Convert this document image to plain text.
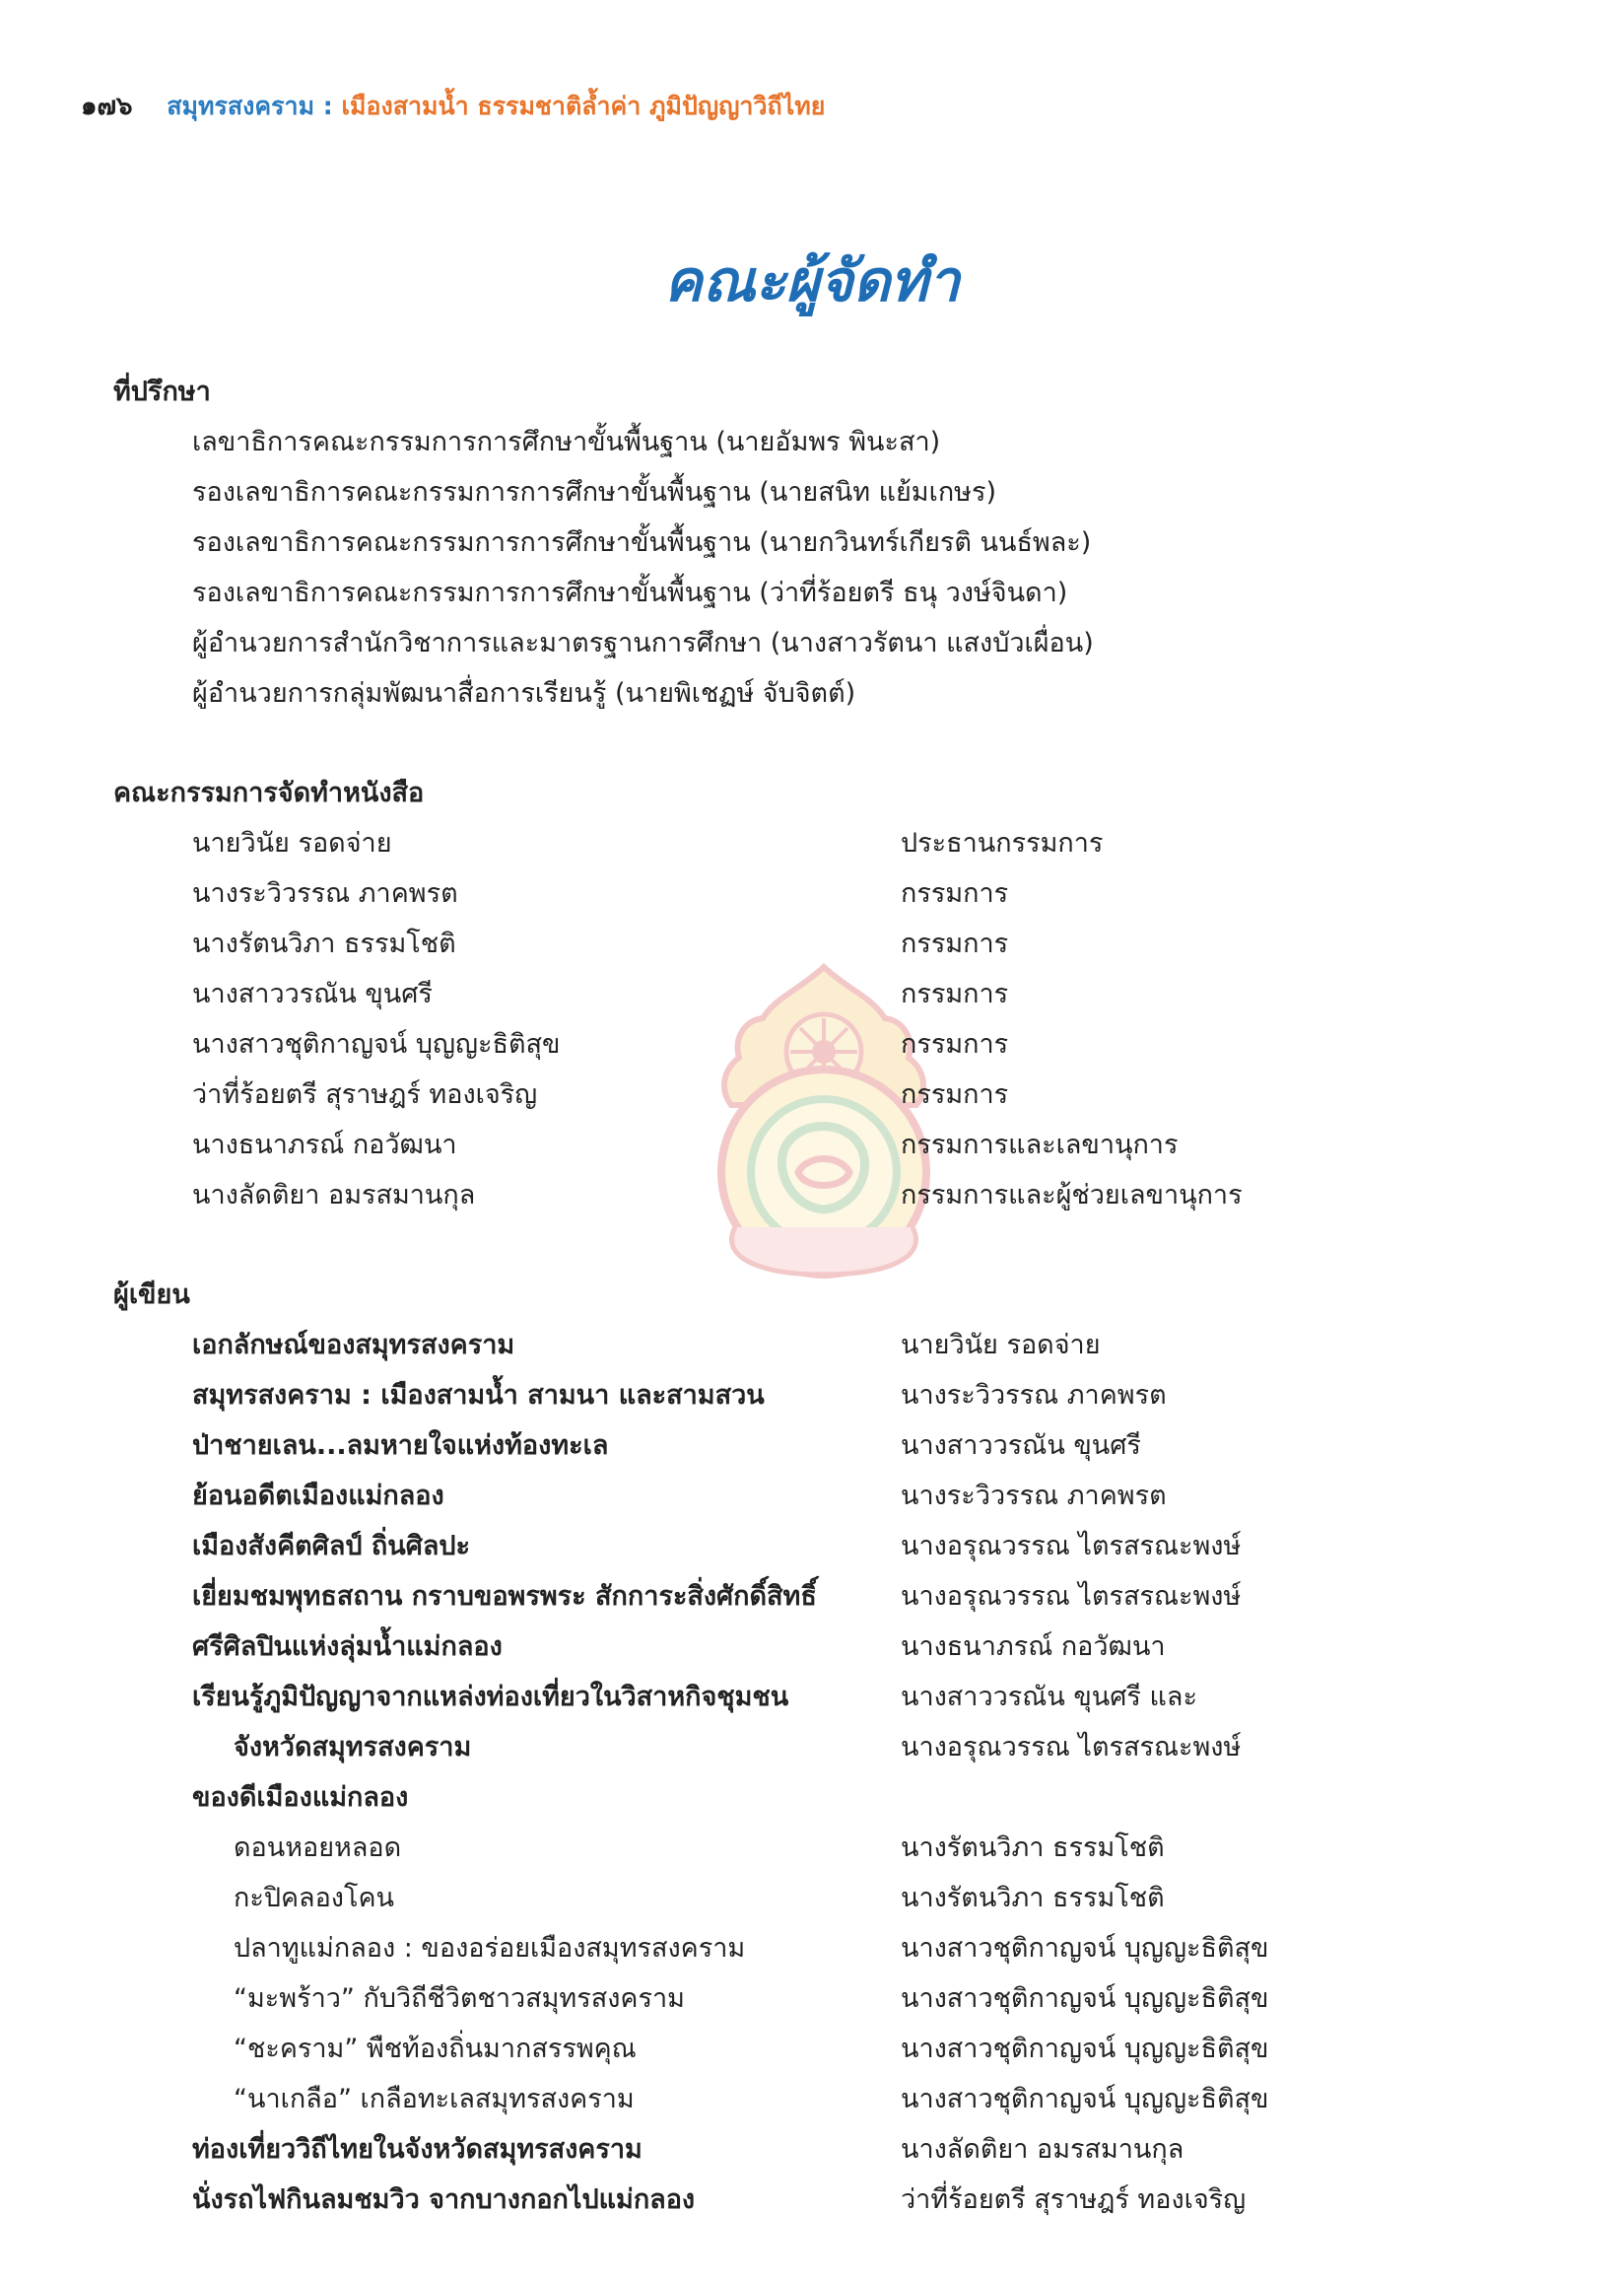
๑๗๖ สมุทรสงคราม : เมืองสามน้ำ ธรรมชาติล้ำค่า ภูมิปัญญาวิถีไทย
คณะผู้จัดทำ
ที่ปรึกษา
เลขาธิการคณะกรรมการการศึกษาขั้นพื้นฐาน (นายอัมพร พินะสา)
รองเลขาธิการคณะกรรมการการศึกษาขั้นพื้นฐาน (นายสนิท แย้มเกษร)
รองเลขาธิการคณะกรรมการการศึกษาขั้นพื้นฐาน (นายกวินทร์เกียรติ นนธ์พละ)
รองเลขาธิการคณะกรรมการการศึกษาขั้นพื้นฐาน (ว่าที่ร้อยตรี ธนุ วงษ์จินดา)
ผู้อำนวยการสำนักวิชาการและมาตรฐานการศึกษา (นางสาวรัตนา แสงบัวเผื่อน)
ผู้อำนวยการกลุ่มพัฒนาสื่อการเรียนรู้ (นายพิเชฏษ์ จับจิตต์)
คณะกรรมการจัดทำหนังสือ
นายวินัย รอดจ่าย	ประธานกรรมการ
นางระวิวรรณ ภาคพรต	กรรมการ
นางรัตนวิภา ธรรมโชติ	กรรมการ
นางสาววรณัน ขุนศรี	กรรมการ
นางสาวชุติกาญจน์ บุญญะธิติสุข	กรรมการ
ว่าที่ร้อยตรี สุราษฎร์ ทองเจริญ	กรรมการ
นางธนาภรณ์ กอวัฒนา	กรรมการและเลขานุการ
นางลัดติยา อมรสมานกุล	กรรมการและผู้ช่วยเลขานุการ
ผู้เขียน
เอกลักษณ์ของสมุทรสงคราม	นายวินัย รอดจ่าย
สมุทรสงคราม : เมืองสามน้ำ สามนา และสามสวน	นางระวิวรรณ ภาคพรต
ป่าชายเลน...ลมหายใจแห่งท้องทะเล	นางสาววรณัน ขุนศรี
ย้อนอดีตเมืองแม่กลอง	นางระวิวรรณ ภาคพรต
เมืองสังคีตศิลป์ ถิ่นศิลปะ	นางอรุณวรรณ ไตรสรณะพงษ์
เยี่ยมชมพุทธสถาน กราบขอพรพระ สักการะสิ่งศักดิ์สิทธิ์	นางอรุณวรรณ ไตรสรณะพงษ์
ศรีศิลปินแห่งลุ่มน้ำแม่กลอง	นางธนาภรณ์ กอวัฒนา
เรียนรู้ภูมิปัญญาจากแหล่งท่องเที่ยวในวิสาหกิจชุมชน	นางสาววรณัน ขุนศรี และ
จังหวัดสมุทรสงคราม	นางอรุณวรรณ ไตรสรณะพงษ์
ของดีเมืองแม่กลอง
ดอนหอยหลอด	นางรัตนวิภา ธรรมโชติ
กะปิคลองโคน	นางรัตนวิภา ธรรมโชติ
ปลาทูแม่กลอง : ของอร่อยเมืองสมุทรสงคราม	นางสาวชุติกาญจน์ บุญญะธิติสุข
“มะพร้าว” กับวิถีชีวิตชาวสมุทรสงคราม	นางสาวชุติกาญจน์ บุญญะธิติสุข
“ชะคราม” พืชท้องถิ่นมากสรรพคุณ	นางสาวชุติกาญจน์ บุญญะธิติสุข
“นาเกลือ” เกลือทะเลสมุทรสงคราม	นางสาวชุติกาญจน์ บุญญะธิติสุข
ท่องเที่ยววิถีไทยในจังหวัดสมุทรสงคราม	นางลัดติยา อมรสมานกุล
นั่งรถไฟกินลมชมวิว จากบางกอกไปแม่กลอง	ว่าที่ร้อยตรี สุราษฎร์ ทองเจริญ
